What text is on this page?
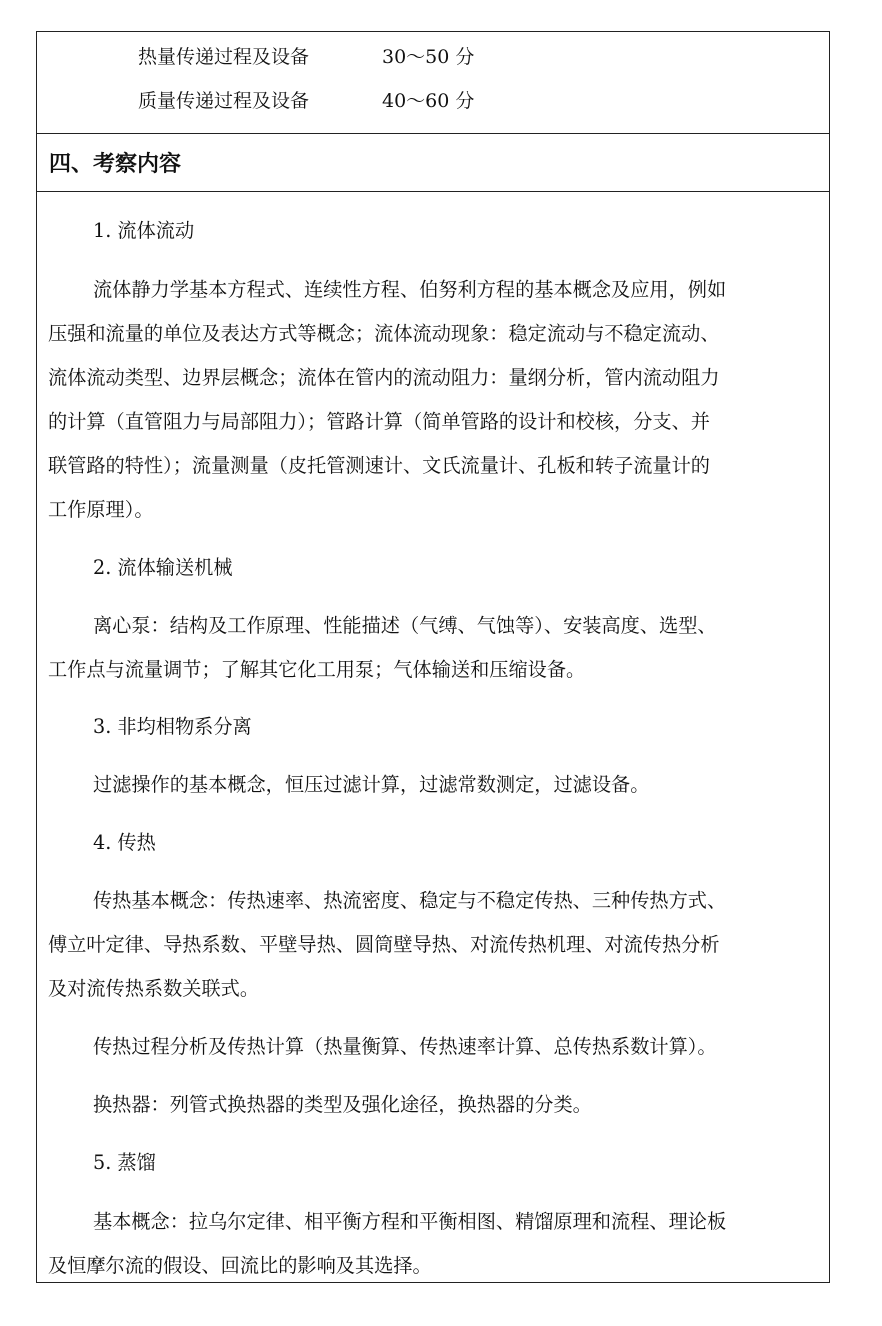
热量传递过程及设备	30～50 分
质量传递过程及设备	40～60 分
四、考察内容
1. 流体流动
流体静力学基本方程式、连续性方程、伯努利方程的基本概念及应用，例如
压强和流量的单位及表达方式等概念；流体流动现象：稳定流动与不稳定流动、
流体流动类型、边界层概念；流体在管内的流动阻力：量纲分析，管内流动阻力
的计算（直管阻力与局部阻力）；管路计算（简单管路的设计和校核，分支、并
联管路的特性）；流量测量（皮托管测速计、文氏流量计、孔板和转子流量计的
工作原理）。
2. 流体输送机械
离心泵：结构及工作原理、性能描述（气缚、气蚀等）、安装高度、选型、
工作点与流量调节；了解其它化工用泵；气体输送和压缩设备。
3. 非均相物系分离
过滤操作的基本概念，恒压过滤计算，过滤常数测定，过滤设备。
4. 传热
传热基本概念：传热速率、热流密度、稳定与不稳定传热、三种传热方式、
傅立叶定律、导热系数、平壁导热、圆筒壁导热、对流传热机理、对流传热分析
及对流传热系数关联式。
传热过程分析及传热计算（热量衡算、传热速率计算、总传热系数计算）。
换热器：列管式换热器的类型及强化途径，换热器的分类。
5. 蒸馏
基本概念：拉乌尔定律、相平衡方程和平衡相图、精馏原理和流程、理论板
及恒摩尔流的假设、回流比的影响及其选择。
